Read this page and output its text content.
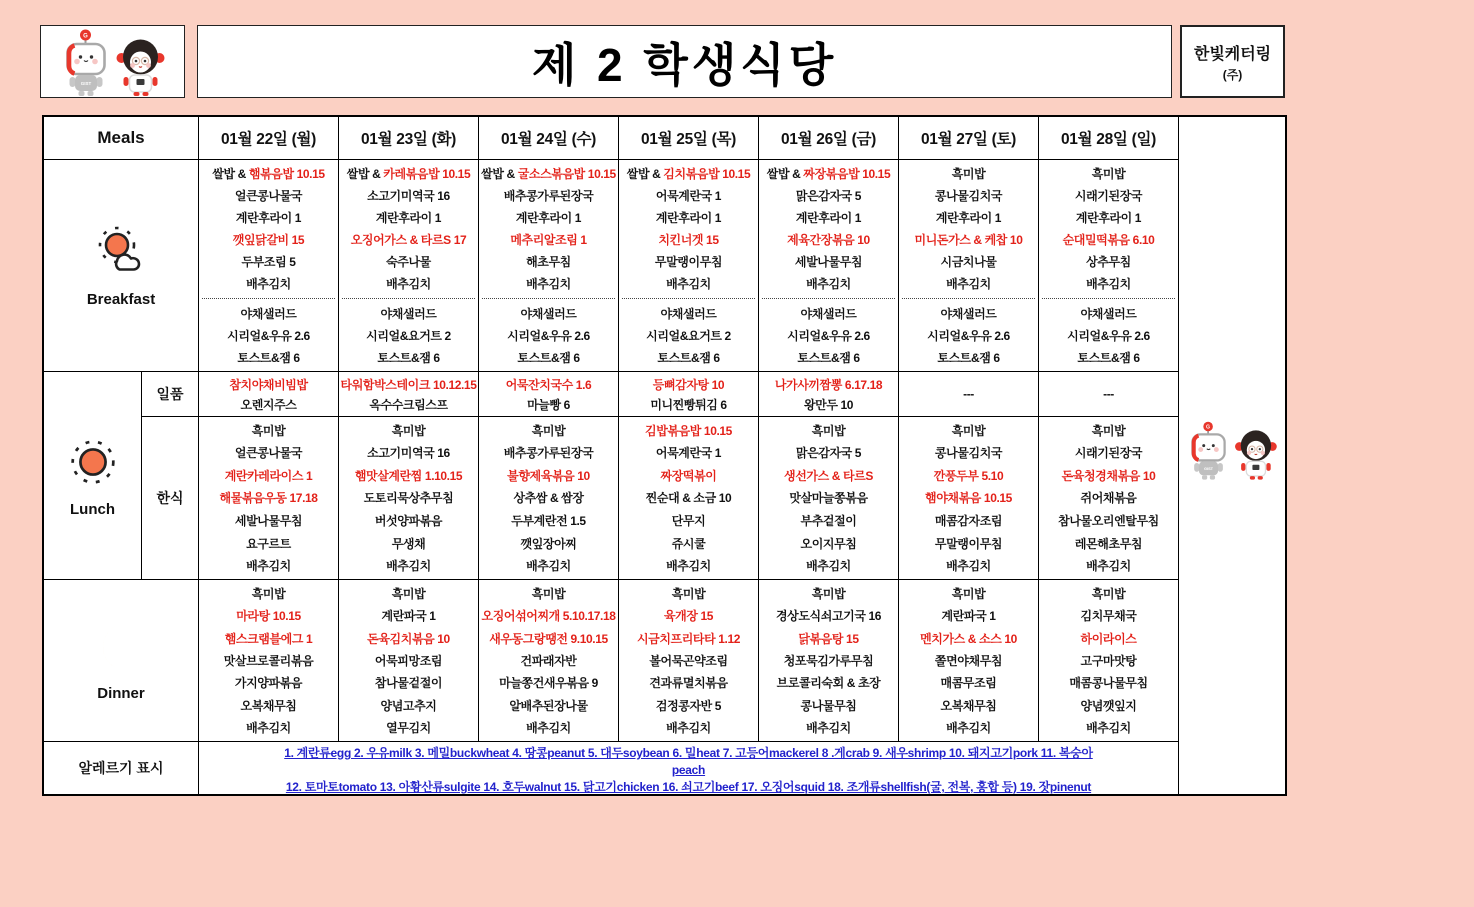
제 2 학생식당	한빛케터링
(주)
Meals
Breakfast
Lunch
일품
한식
Dinner
알레르기 표시
1. 계란류egg 2. 우유milk 3. 메밀buckwheat 4. 땅콩peanut 5. 대두soybean 6. 밀heat 7. 고등어mackerel 8 .게crab 9. 새우shrimp 10. 돼지고기pork 11. 복숭아
peach
12. 토마토tomato 13. 아황산류sulgite 14. 호두walnut 15. 닭고기chicken 16. 쇠고기beef 17. 오징어squid 18. 조개류shellfish(굴, 전복, 홍합 등) 19. 잣pinenut
01월 22일 (월)
쌀밥 & 햄볶음밥 10.15
얼큰콩나물국
계란후라이 1
깻잎닭갈비 15
두부조림 5
배추김치
야채샐러드
시리얼&우유 2.6
토스트&잼 6
참치야채비빔밥
오렌지주스
흑미밥
얼큰콩나물국
계란카레라이스 1
해물볶음우동 17.18
세발나물무침
요구르트
배추김치
흑미밥
마라탕 10.15
햄스크램블에그 1
맛살브로콜리볶음
가지양파볶음
오복채무침
배추김치
01월 23일 (화)
쌀밥 & 카레볶음밥 10.15
소고기미역국 16
계란후라이 1
오징어가스 & 타르S 17
숙주나물
배추김치
야채샐러드
시리얼&요거트 2
토스트&잼 6
타워함박스테이크 10.12.15
옥수수크림스프
흑미밥
소고기미역국 16
햄맛살계란찜 1.10.15
도토리묵상추무침
버섯양파볶음
무생채
배추김치
흑미밥
계란파국 1
돈육김치볶음 10
어묵피망조림
참나물겉절이
양념고추지
열무김치
01월 24일 (수)
쌀밥 & 굴소스볶음밥 10.15
배추콩가루된장국
계란후라이 1
메추리알조림 1
해초무침
배추김치
야채샐러드
시리얼&우유 2.6
토스트&잼 6
어묵잔치국수 1.6
마늘빵 6
흑미밥
배추콩가루된장국
불향제육볶음 10
상추쌈 & 쌈장
두부계란전 1.5
깻잎장아찌
배추김치
흑미밥
오징어섞어찌개 5.10.17.18
새우동그랑땡전 9.10.15
건파래자반
마늘쫑건새우볶음 9
알배추된장나물
배추김치
01월 25일 (목)
쌀밥 & 김치볶음밥 10.15
어묵계란국 1
계란후라이 1
치킨너겟 15
무말랭이무침
배추김치
야채샐러드
시리얼&요거트 2
토스트&잼 6
등뼈감자탕 10
미니찐빵튀김 6
김밥볶음밥 10.15
어묵계란국 1
짜장떡볶이
찐순대 & 소금 10
단무지
쥬시쿨
배추김치
흑미밥
육개장 15
시금치프리타타 1.12
볼어묵곤약조림
견과류멸치볶음
검정콩자반 5
배추김치
01월 26일 (금)
쌀밥 & 짜장볶음밥 10.15
맑은감자국 5
계란후라이 1
제육간장볶음 10
세발나물무침
배추김치
야채샐러드
시리얼&우유 2.6
토스트&잼 6
나가사끼짬뽕 6.17.18
왕만두 10
흑미밥
맑은감자국 5
생선가스 & 타르S
맛살마늘쫑볶음
부추겉절이
오이지무침
배추김치
흑미밥
경상도식쇠고기국 16
닭볶음탕 15
청포묵김가루무침
브로콜리숙회 & 초장
콩나물무침
배추김치
01월 27일 (토)
흑미밥
콩나물김치국
계란후라이 1
미니돈가스 & 케찹 10
시금치나물
배추김치
야채샐러드
시리얼&우유 2.6
토스트&잼 6
---
흑미밥
콩나물김치국
깐풍두부 5.10
햄야채볶음 10.15
매콤감자조림
무말랭이무침
배추김치
흑미밥
계란파국 1
멘치가스 & 소스 10
쫄면야채무침
매콤무조림
오복채무침
배추김치
01월 28일 (일)
흑미밥
시래기된장국
계란후라이 1
순대밀떡볶음 6.10
상추무침
배추김치
야채샐러드
시리얼&우유 2.6
토스트&잼 6
---
흑미밥
시래기된장국
돈육청경채볶음 10
쥐어채볶음
참나물오리엔탈무침
레몬해초무침
배추김치
흑미밥
김치무채국
하이라이스
고구마맛탕
매콤콩나물무침
양념깻잎지
배추김치
